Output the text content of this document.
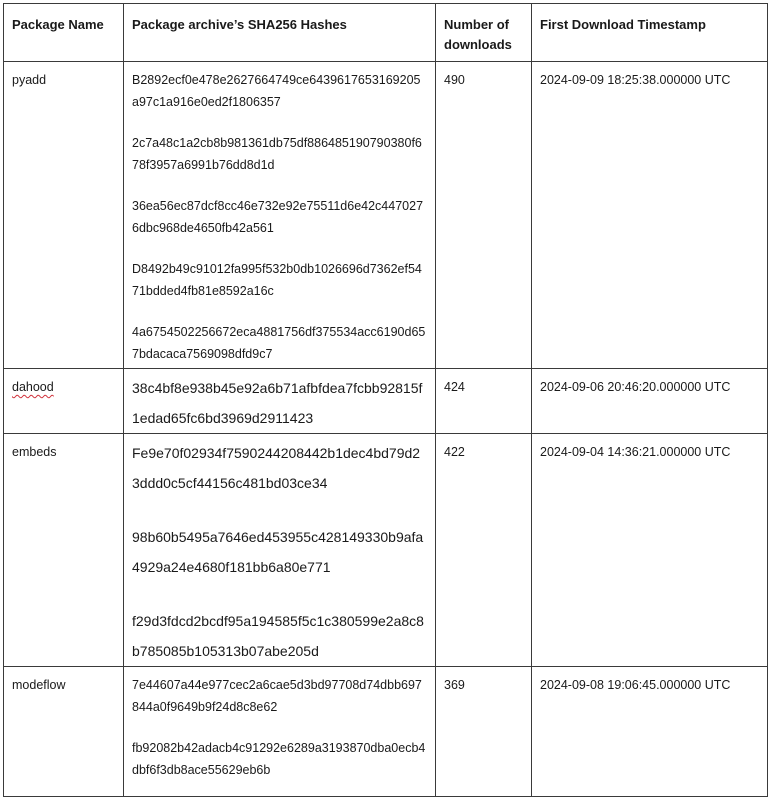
Package Name	Package archive’s SHA256 Hashes	Number of downloads	First Download Timestamp
pyadd	B2892ecf0e478e2627664749ce6439617653169205a97c1a916e0ed2f1806357

2c7a48c1a2cb8b981361db75df886485190790380f678f3957a6991b76dd8d1d

36ea56ec87dcf8cc46e732e92e75511d6e42c4470276dbc968de4650fb42a561

D8492b49c91012fa995f532b0db1026696d7362ef5471bdded4fb81e8592a16c

4a6754502256672eca4881756df375534acc6190d657bdacaca7569098dfd9c7	490	2024-09-09 18:25:38.000000 UTC
dahood	38c4bf8e938b45e92a6b71afbfdea7fcbb92815f1edad65fc6bd3969d2911423	424	2024-09-06 20:46:20.000000 UTC
embeds	Fe9e70f02934f7590244208442b1dec4bd79d23ddd0c5cf44156c481bd03ce34

98b60b5495a7646ed453955c428149330b9afa4929a24e4680f181bb6a80e771

f29d3fdcd2bcdf95a194585f5c1c380599e2a8c8b785085b105313b07abe205d	422	2024-09-04 14:36:21.000000 UTC
modeflow	7e44607a44e977cec2a6cae5d3bd97708d74dbb697844a0f9649b9f24d8c8e62

fb92082b42adacb4c91292e6289a3193870dba0ecb4dbf6f3db8ace55629eb6b	369	2024-09-08 19:06:45.000000 UTC
